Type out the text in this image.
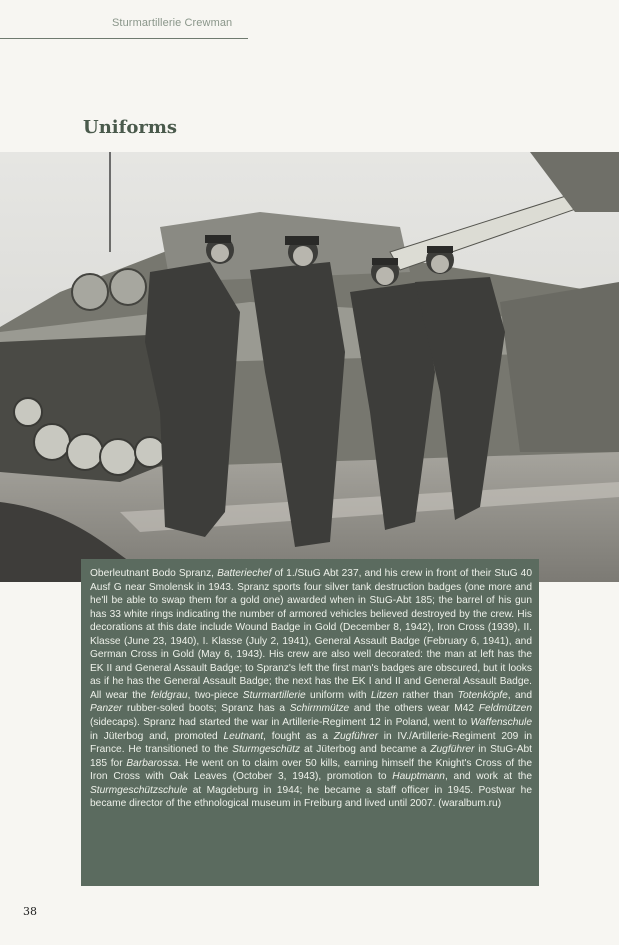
Sturmartillerie Crewman
Uniforms

Oberleutnant Bodo Spranz, Batteriechef of 1./StuG Abt 237, and his crew in front of their StuG 40 Ausf G near Smolensk in 1943. Spranz sports four silver tank destruction badges (one more and he'll be able to swap them for a gold one) awarded when in StuG-Abt 185; the barrel of his gun has 33 white rings indicating the number of armored vehicles believed destroyed by the crew. His decorations at this date include Wound Badge in Gold (December 8, 1942), Iron Cross (1939), II. Klasse (June 23, 1940), I. Klasse (July 2, 1941), General Assault Badge (February 6, 1941), and German Cross in Gold (May 6, 1943). His crew are also well decorated: the man at left has the EK II and General Assault Badge; to Spranz's left the first man's badges are obscured, but it looks as if he has the General Assault Badge; the next has the EK I and II and General Assault Badge. All wear the feldgrau, two-piece Sturmartillerie uniform with Litzen rather than Totenköpfe, and Panzer rubber-soled boots; Spranz has a Schirmmütze and the others wear M42 Feldmützen (sidecaps). Spranz had started the war in Artillerie-Regiment 12 in Poland, went to Waffenschule in Jüterbog and, promoted Leutnant, fought as a Zugführer in IV./Artillerie-Regiment 209 in France. He transitioned to the Sturmgeschütz at Jüterbog and became a Zugführer in StuG-Abt 185 for Barbarossa. He went on to claim over 50 kills, earning himself the Knight's Cross of the Iron Cross with Oak Leaves (October 3, 1943), promotion to Hauptmann, and work at the Sturmgeschützschule at Magdeburg in 1944; he became a staff officer in 1945. Postwar he became director of the ethnological museum in Freiburg and lived until 2007. (waralbum.ru)

38
